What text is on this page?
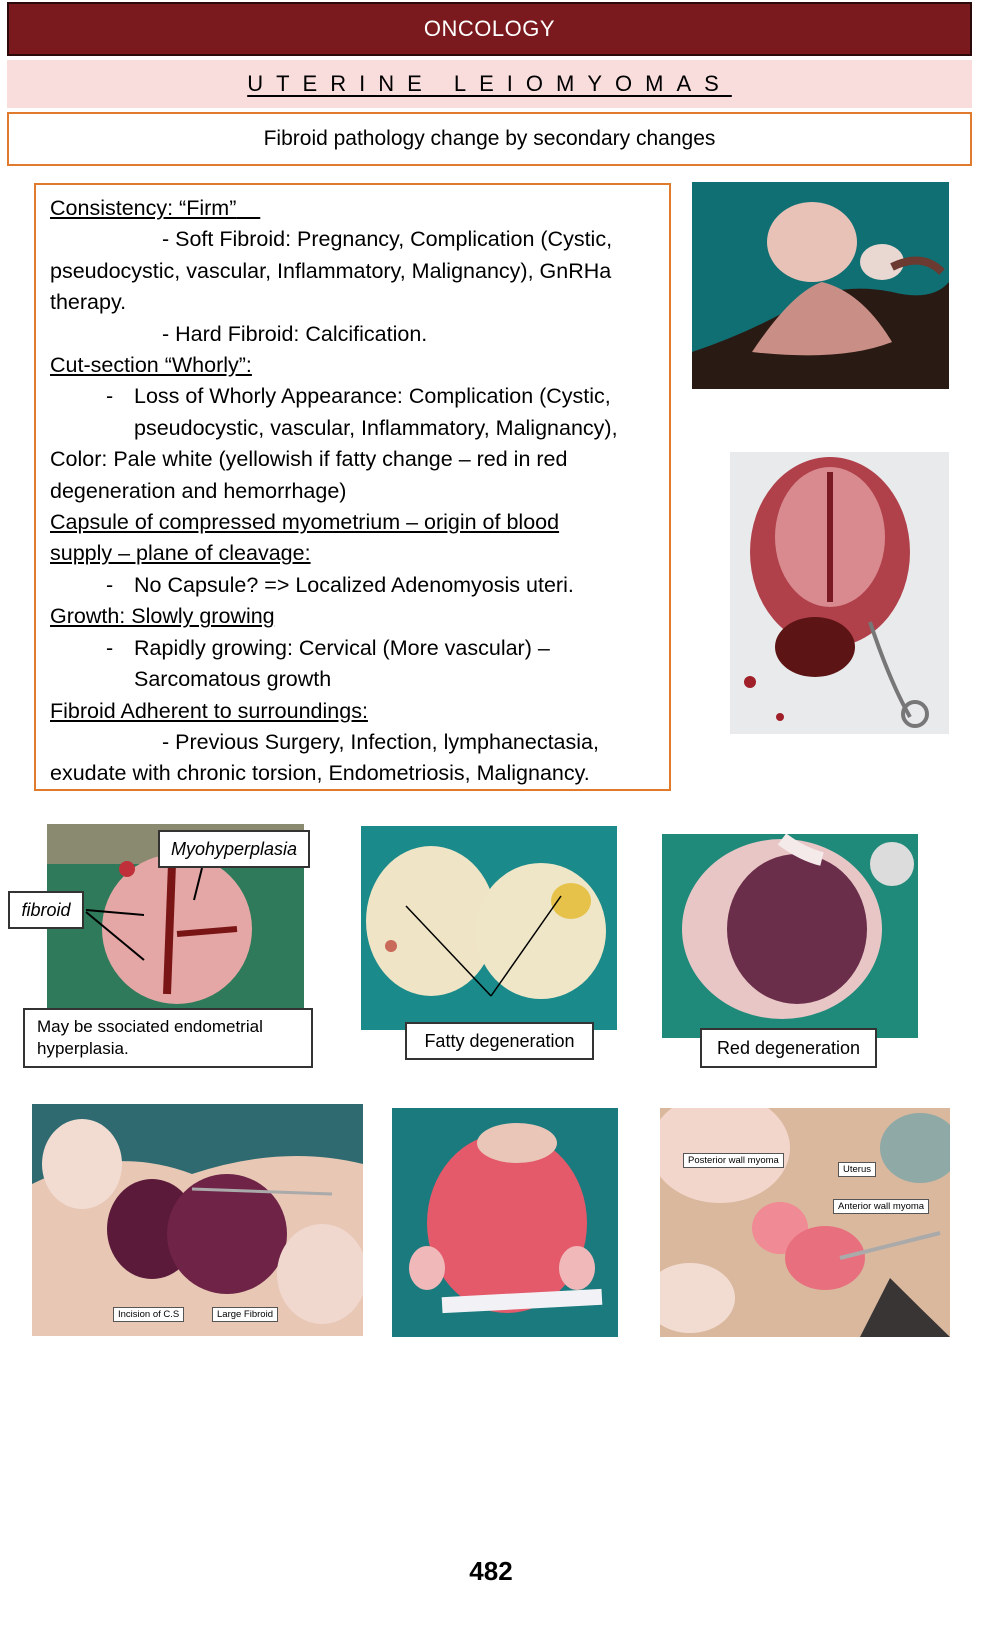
ONCOLOGY
UTERINE LEIOMYOMAS
Fibroid pathology change by secondary changes

Consistency: “Firm”

- Soft Fibroid: Pregnancy, Complication (Cystic,

pseudocystic, vascular, Inflammatory, Malignancy), GnRHa

therapy.

- Hard Fibroid: Calcification.

Cut-section “Whorly”:

- Loss of Whorly Appearance: Complication (Cystic,

pseudocystic, vascular, Inflammatory, Malignancy),

Color: Pale white (yellowish if fatty change – red in red

degeneration and hemorrhage)

Capsule of compressed myometrium – origin of blood

supply – plane of cleavage:

- No Capsule? => Localized Adenomyosis uteri.

Growth: Slowly growing

- Rapidly growing: Cervical (More vascular) –

Sarcomatous growth

Fibroid Adherent to surroundings:

- Previous Surgery, Infection, lymphanectasia,

exudate with chronic torsion, Endometriosis, Malignancy.

Myohyperplasia
fibroid
May be ssociated endometrial hyperplasia.	Fatty degeneration	Red degeneration
Incision of C.S	Large Fibroid
Posterior wall myoma
Uterus
Anterior wall myoma
482
